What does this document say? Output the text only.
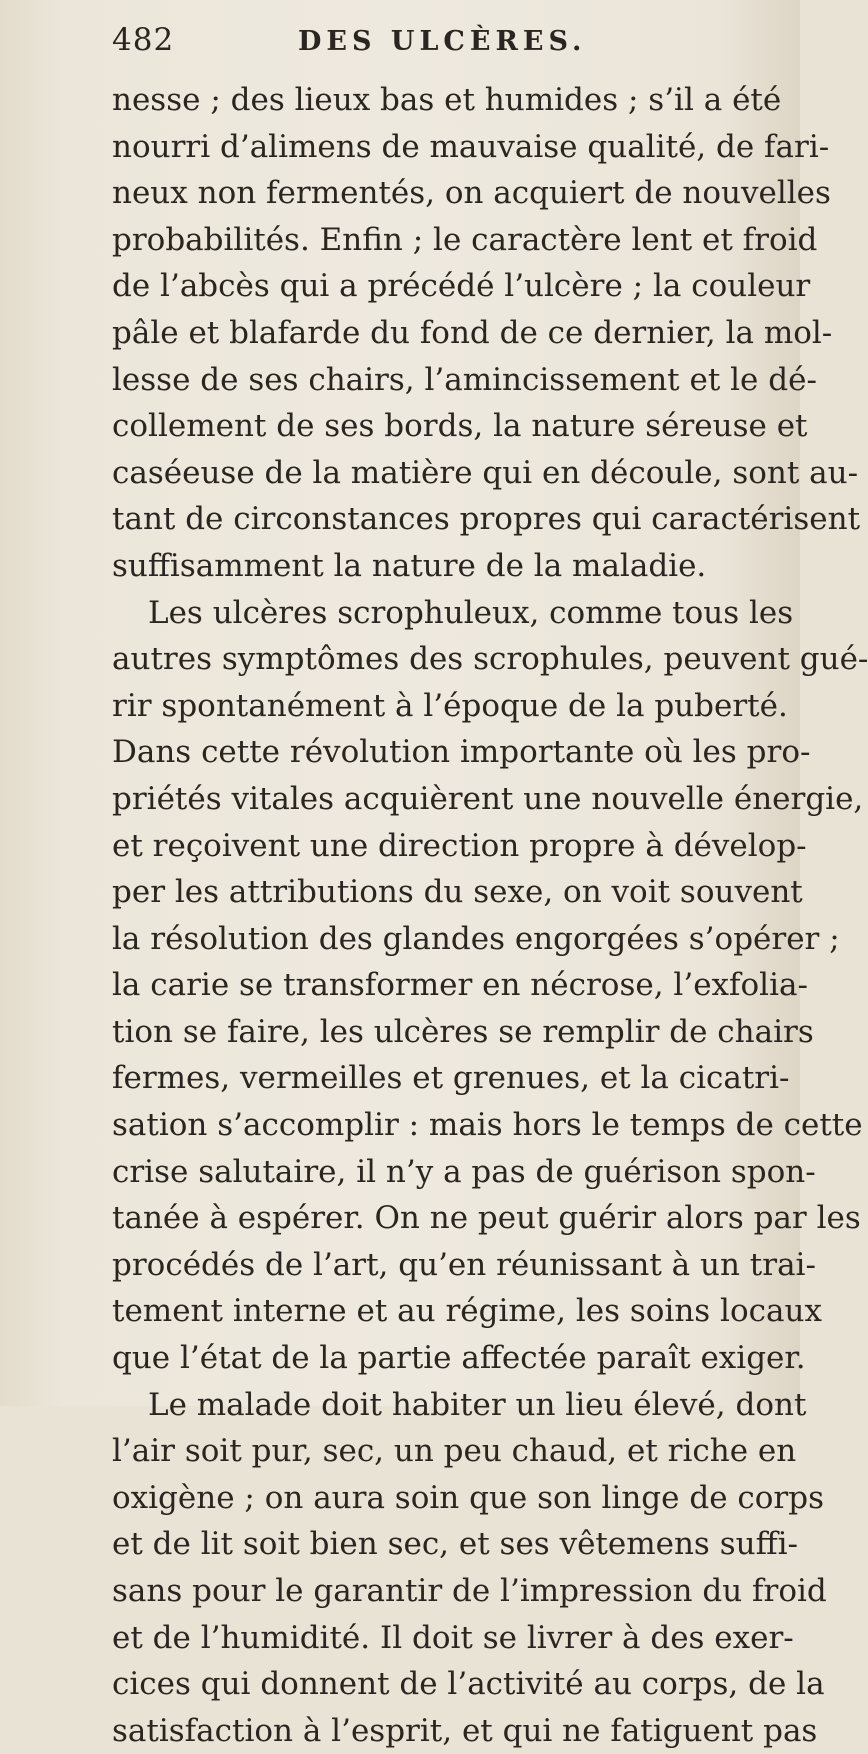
482	DES ULCÈRES.
nesse ; des lieux bas et humides ; s’il a été
nourri d’alimens de mauvaise qualité, de fari-
neux non fermentés, on acquiert de nouvelles
probabilités. Enfin ; le caractère lent et froid
de l’abcès qui a précédé l’ulcère ; la couleur
pâle et blafarde du fond de ce dernier, la mol-
lesse de ses chairs, l’amincissement et le dé-
collement de ses bords, la nature séreuse et
caséeuse de la matière qui en découle, sont au-
tant de circonstances propres qui caractérisent
suffisamment la nature de la maladie.
Les ulcères scrophuleux, comme tous les
autres symptômes des scrophules, peuvent gué-
rir spontanément à l’époque de la puberté.
Dans cette révolution importante où les pro-
priétés vitales acquièrent une nouvelle énergie,
et reçoivent une direction propre à dévelop-
per les attributions du sexe, on voit souvent
la résolution des glandes engorgées s’opérer ;
la carie se transformer en nécrose, l’exfolia-
tion se faire, les ulcères se remplir de chairs
fermes, vermeilles et grenues, et la cicatri-
sation s’accomplir : mais hors le temps de cette
crise salutaire, il n’y a pas de guérison spon-
tanée à espérer. On ne peut guérir alors par les
procédés de l’art, qu’en réunissant à un trai-
tement interne et au régime, les soins locaux
que l’état de la partie affectée paraît exiger.
Le malade doit habiter un lieu élevé, dont
l’air soit pur, sec, un peu chaud, et riche en
oxigène ; on aura soin que son linge de corps
et de lit soit bien sec, et ses vêtemens suffi-
sans pour le garantir de l’impression du froid
et de l’humidité. Il doit se livrer à des exer-
cices qui donnent de l’activité au corps, de la
satisfaction à l’esprit, et qui ne fatiguent pas
